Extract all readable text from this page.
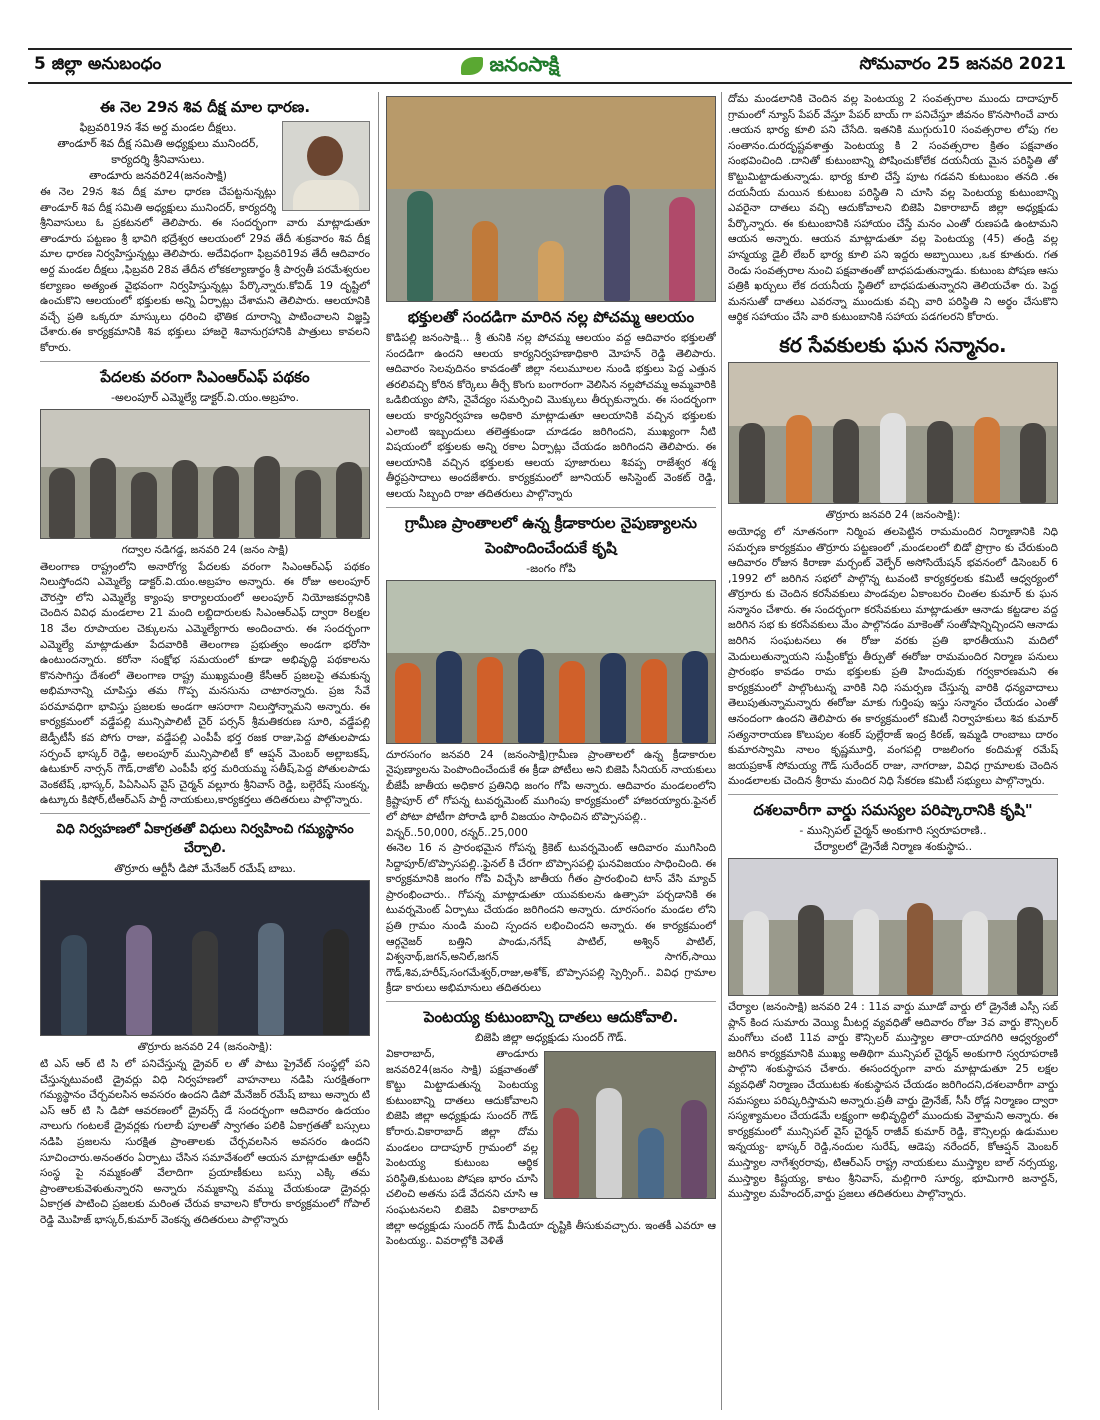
5 జిల్లా అనుబంధం	జనంసాక్షి	సోమవారం 25 జనవరి 2021
ఈ నెల 29న శివ దీక్ష మాల ధారణ.
ఫిబ్రవరి19న శేవ అర్ద మండల దీక్షలు.
తాండూర్ శివ దీక్ష సమితి అధ్యక్షులు మునిందర్,
కార్యదర్శి శ్రీనివాసులు.
తాండూరు జనవరి24(జనంసాక్షి)

ఈ నెల 29న శివ దీక్ష మాల ధారణ చేపట్టనున్నట్లు తాండూర్ శివ దీక్ష సమితి అధ్యక్షులు మునిందర్, కార్యదర్శి శ్రీనివాసులు ఓ ప్రకటనలో తెలిపారు. ఈ సందర్భంగా వారు మాట్లాడుతూ తాండూరు పట్టణం శ్రీ భావిగి భద్రేశ్వర ఆలయంలో 29వ తేదీ శుక్రవారం శివ దీక్ష మాల ధారణ నిర్వహిస్తున్నట్లు తెలిపారు. అదేవిధంగా ఫిబ్రవరి19వ తేదీ ఆదివారం అర్ద మండల దీక్షలు ,ఫిబ్రవరి 28వ తేదీన లోకకల్యాణార్థం శ్రీ పార్వతీ పరమేశ్వరుల కల్యాణం అత్యంత వైభవంగా నిర్వహిస్తున్నట్లు పేర్కొన్నారు.కోవిడ్ 19 దృష్టిలో ఉంచుకొని ఆలయంలో భక్తులకు అన్ని ఏర్పాట్లు చేశామని తెలిపారు. ఆలయానికి వచ్చే ప్రతి ఒక్కరూ మాస్కులు ధరించి భౌతిక దూరాన్ని పాటించాలని విజ్ఞప్తి చేశారు.ఈ కార్యక్రమానికి శివ భక్తులు హాజరై శివానుగ్రహానికి పాత్రులు కావలని కోరారు.

పేదలకు వరంగా సిఎంఆర్ఎఫ్ పథకం
-అలంపూర్ ఎమ్మెల్యే డాక్టర్.వి.యం.అబ్రహం.
గద్వాల నడిగడ్డ, జనవరి 24 (జనం సాక్షి)

తెలంగాణ రాష్ట్రంలోని అనారోగ్య పేదలకు వరంగా సిఎంఆర్ఎఫ్ పథకం నిలుస్తోందని ఎమ్మెల్యే డాక్టర్.వి.యం.అబ్రహం అన్నారు. ఈ రోజు అలంపూర్ చౌరస్తా లోని ఎమ్మెల్యే క్యాంపు కార్యాలయంలో అలంపూర్ నియోజకవర్గానికి చెందిన వివిధ మండలాల 21 మంది లబ్దిదారులకు సిఎంఆర్ఎఫ్ ద్వారా 8లక్షల 18 వేల రూపాయల చెక్కులను ఎమ్మెల్యేగారు అందించారు. ఈ సందర్భంగా ఎమ్మెల్యే మాట్లాడుతూ పేదవారికి తెలంగాణ ప్రభుత్వం అండగా భరోసా ఉంటుందన్నారు. కరోనా సంక్షోభ సమయంలో కూడా అభివృద్ధి పథకాలను కొనసాగిస్తు దేశంలో తెలంగాణ రాష్ట్ర ముఖ్యమంత్రి కేసీఆర్ ప్రజలపై తమకున్న అభిమానాన్ని చూపిస్తు తమ గొప్ప మనసును చాటారన్నారు. ప్రజ సేవే పరమావధిగా భావిస్తు ప్రజలకు అండగా ఆసరాగా నిలుస్తోన్నామని అన్నారు. ఈ కార్యక్రమంలో వడ్డేపల్లి మున్సిపాలిటీ చైర్ పర్సన్ శ్రీమతికరుణ సూరి, వడ్డేపల్లి జెడ్పీటీసీ కవ పోగు రాజు, వడ్డేపల్లి ఎంపీపీ భర్త రజక రాజు,పెద్ద పోతులపాడు సర్పంచ్ భాస్కర్ రెడ్డి, అలంపూర్ మున్సిపాలిటీ కో ఆప్షన్ మెంబర్ అల్లాబకష్, ఉటుకూర్ నార్సన్ గౌడ్,రాజోలి ఎంపీపీ భర్త మరియమ్మ సతీష్,పెద్ద పోతులపాడు వెంకటేష్ ,భాస్కర్, పిఏసిఎస్ వైస్ చైర్మన్ వల్లూరు శ్రీనివాస్ రెడ్డి, బల్గెరేష్ సుంకన్న, ఉట్కూరు కిషోర్,టీఆర్ఎస్ పార్టీ నాయకులు,కార్యకర్తలు తదితరులు పాల్గొన్నారు.

విధి నిర్వహణలో ఏకాగ్రతతో విధులు నిర్వహించి గమ్యస్థానం చేర్చాలి.
తొర్రూరు ఆర్టీసీ డిపో మేనేజర్ రమేష్ బాబు.
తొర్రూరు జనవరి 24 (జనంసాక్షి):

టి ఎస్ ఆర్ టి సి లో పనిచేస్తున్న డ్రైవర్ ల తో పాటు ప్రైవేట్ సంస్థల్లో పని చేస్తున్నటువంటి డ్రైవర్లు విధి నిర్వహణలో వాహనాలు నడిపి సురక్షితంగా గమ్యస్థానం చేర్చవలసిన అవసరం ఉందని డిపో మేనేజర్ రమేష్ బాబు అన్నారు టి ఎస్ ఆర్ టి సి డిపో ఆవరణంలో డ్రైవర్స్ డే సందర్భంగా ఆదివారం ఉదయం నాలుగు గంటలకే డ్రైవర్లకు గులాబీ పూలతో స్వాగతం పలికి ఏకాగ్రతతో బస్సులు నడిపి ప్రజలను సురక్షిత ప్రాంతాలకు చేర్చవలసిన అవసరం ఉందని సూచించారు.అనంతరం ఏర్పాటు చేసిన సమావేశంలో ఆయన మాట్లాడుతూ ఆర్టీసీ సంస్థ పై నమ్మకంతో వేలాదిగా ప్రయాణీకులు బస్సు ఎక్కి తమ ప్రాంతాలకువెళుతున్నారని అన్నారు నమ్మకాన్ని వమ్ము చేయకుండా డ్రైవర్లు ఏకాగ్రత పాటించి ప్రజలకు మరింత చేరువ కావాలని కోరారు కార్యక్రమంలో గోపాల్ రెడ్డి మొహిజ్ భాస్కర్,కుమార్ వెంకన్న తదితరులు పాల్గొన్నారు

భక్తులతో సందడిగా మారిన నల్ల పోచమ్మ ఆలయం

కొడిపల్లి జనంసాక్షి... శ్రీ తునికి నల్ల పోచమ్మ ఆలయం వద్ద ఆదివారం భక్తులతో సందడిగా ఉందని ఆలయ కార్యనిర్వహణాధికారి మోహన్ రెడ్డి తెలిపారు. ఆదివారం సెలవుదినం కావడంతో జిల్లా నలుమూలల నుండి భక్తులు పెద్ద ఎత్తున తరలివచ్చి కోరిన కోర్కెలు తీర్చే కొంగు బంగారంగా వెలిసిన నల్లపోచమ్మ అమ్మవారికి ఒడిబియ్యం పోసి, నైవేద్యం సమర్పించి మొక్కులు తీర్చుకున్నారు. ఈ సందర్భంగా ఆలయ కార్యనిర్వహణ అధికారి మాట్లాడుతూ ఆలయానికి వచ్చిన భక్తులకు ఎలాంటి ఇబ్బందులు తలెత్తకుండా చూడడం జరిగిందని, ముఖ్యంగా నీటి విషయంలో భక్తులకు అన్ని రకాల ఏర్పాట్లు చేయడం జరిగిందని తెలిపారు. ఈ ఆలయానికి వచ్చిన భక్తులకు ఆలయ పూజారులు శివప్ప రాజేశ్వర శర్మ తీర్థప్రసాదాలు అందజేశారు. కార్యక్రమంలో జూనియర్ అసిస్టెంట్ వెంకట్ రెడ్డి, ఆలయ సిబ్బంది రాజు తదితరులు పాల్గొన్నారు

గ్రామీణ ప్రాంతాలలో ఉన్న క్రీడాకారుల నైపుణ్యాలను
పెంపొందించేందుకే కృషి
-జంగం గోపి

దూరసంగం జనవరి 24 (జనంసాక్షి)గ్రామీణ ప్రాంతాలలో ఉన్న క్రీడాకారుల నైపుణ్యాలను పెంపొందించేందుకే ఈ క్రీడా పోటీలు అని బిజెపి సీనియర్ నాయకులు బీజేపీ జాతీయ అధికార ప్రతినిధి జంగం గోపి అన్నారు. ఆదివారం మండలంలోని క్రిష్టాపూర్ లో గోపన్న టువర్నమెంట్ ముగింపు కార్యక్రమంలో హాజరయ్యారు.ఫైనల్ లో పోటా పోటీగా పోరాడి భారీ విజయం సాధించిన బొప్పాసపల్లి..

విన్నర్..50,000, రన్నర్..25,000

ఈనెల 16 న ప్రారంభమైన గోపన్న క్రికెట్ టువర్నమెంట్ ఆదివారం ముగిసింది సిద్దాపూర్/బొప్పాసపల్లి..ఫైనల్ కి చేరగా బొప్పాసపల్లి ఘనవిజయం సాధించింది. ఈ కార్యక్రమానికి జంగం గోపి విచ్చేసి జాతీయ గీతం ప్రారంభించి టాస్ వేసి మ్యాచ్ ప్రారంభించారు.. గోపన్న మాట్లాడుతూ యువకులను ఉత్సాహ పర్చడానికి ఈ టువర్నమెంట్ ఏర్పాటు చేయడం జరిగిందని అన్నారు. దూరసంగం మండల లోని ప్రతి గ్రామం నుండి మంచి స్పందన లభించిందని అన్నారు. ఈ కార్యక్రమంలో ఆర్గనైజర్ బత్తిని పాండు,నగేష్ పాటిల్, అశ్విన్ పాటిల్, విశ్వనాథ్,జగన్,అనిల్,జగన్ సాగర్,సాయి గౌడ్,శివ,హరీష్,సంగమేశ్వర్,రాజు,అశోక్, బొప్పాసపల్లి స్పెర్సింగ్.. వివిధ గ్రామాల క్రీడా కారులు అభిమానులు తదితరులు

పెంటయ్య కుటుంబాన్ని దాతలు ఆదుకోవాలి.
బిజెపి జిల్లా అధ్యక్షుడు సుందర్ గౌడ్.

వికారాబాద్, తాండూరు జనవరి24(జనం సాక్షి) పక్షవాతంతో కొట్టు మిట్టాడుతున్న పెంటయ్య కుటుంబాన్ని దాతలు ఆదుకోవాలని బిజెపి జిల్లా అధ్యక్షుడు సుందర్ గౌడ్ కోరారు.వికారాబాద్ జిల్లా దోమ మండలం దాదాపూర్ గ్రామంలో వల్ల పెంటయ్య కుటుంబ ఆర్థిక పరిస్థితి,కుటుంబ పోషణ భారం చూసి చలించి అతను పడే వేదనని చూసి ఆ సంఘటనలని బిజెపి వికారాబాద్ జిల్లా అధ్యక్షుడు సుందర్ గౌడ్ మీడియా దృష్టికి తీసుకువచ్చారు. ఇంతకీ ఎవరూ ఆ పెంటయ్య.. వివరాల్లోకి వెళితే

దోమ మండలానికి చెందిన వల్ల పెంటయ్య 2 సంవత్సరాల ముందు దాదాపూర్ గ్రామంలో న్యూస్ పేపర్ వేస్తూ పేపర్ బాయ్ గా పనిచేస్తూ జీవనం కొనసాగించే వారు .ఆయన భార్య కూలి పని చేసేది. ఇతనికి ముగ్గురు10 సంవత్సరాల లోపు గల సంతానం.దురదృష్టవశాత్తు పెంటయ్య కి 2 సంవత్సరాల క్రితం పక్షవాతం సంభవించింది .దానితో కుటుంబాన్ని పోషించుకోలేక దయనీయ మైన పరిస్థితి తో కొట్టుమిట్టాడుతున్నాడు. భార్య కూలి చేస్తే పూట గడవని కుటుంబం తనది .ఈ దయనీయ మయిన కుటుంబ పరిస్థితి ని చూసి వల్ల పెంటయ్య కుటుంబాన్ని ఎవరైనా దాతలు వచ్చి ఆదుకోవాలని బిజెపి వికారాబాద్ జిల్లా అధ్యక్షుడు పేర్కొన్నారు. ఈ కుటుంబానికి సహాయం చేస్తే మనం ఎంతో రుణపడి ఉంటామని ఆయన అన్నారు. ఆయన మాట్లాడుతూ వల్ల పెంటయ్య (45) తండ్రి వల్ల హన్మయ్య డైలీ లేబర్ భార్య కూలి పని ఇద్దరు అబ్బాయిలు ,ఒక కూతురు. గత రెండు సంవత్సరాల నుంచి పక్షవాతంతో బాధపడుతున్నాడు. కుటుంబ పోషణ ఆసు పత్రికి ఖర్చులు లేక దయనీయ స్థితిలో బాధపడుతున్నారని తెలియచేశా రు. పెద్ద మనసుతో దాతలు ఎవరన్నా ముందుకు వచ్చి వారి పరిస్థితి ని అర్థం చేసుకొని ఆర్థిక సహాయం చేసి వారి కుటుంబానికి సహాయ పడగలరని కోరారు.

కర సేవకులకు ఘన సన్మానం.
తొర్రూరు జనవరి 24 (జనంసాక్షి):

అయోధ్య లో నూతనంగా నిర్మింప తలపెట్టిన రామమందిర నిర్మాణానికి నిధి సమర్పణ కార్యక్రమం తొర్రూరు పట్టణంలో ,మండలంలో బిడో ప్రొగ్రాం కు చేరుకుంది ఆదివారం రోజున కిరాణా మర్చంట్ వెల్ఫేర్ అసోసియేషన్ భవనంలో డిసెంబర్ 6 ,1992 లో జరిగిన సభలో పాల్గొన్న టువంటి కార్యకర్తలకు కమిటీ ఆధ్వర్యంలో తొర్రూరు కు చెందిన కరసేవకులు పాండవుల ఏకాంబరం చింతల కుమార్ కు ఘన సన్మానం చేశారు. ఈ సందర్భంగా కరసేవకులు మాట్లాడుతూ ఆనాడు కట్టడాల వద్ద జరిగిన సభ కు కరసేవకులు మేం పాల్గొనడం మాకెంతో సంతోషాన్నిచ్చిందని ఆనాడు జరిగిన సంఘటనలు ఈ రోజు వరకు ప్రతి భారతీయుని మదిలో మెదులుతున్నాయని సుప్రీంకోర్టు తీర్పుతో ఈరోజు రామమందిర నిర్మాణ పనులు ప్రారంభం కావడం రామ భక్తులకు ప్రతి హిందువుకు గర్వకారణమని ఈ కార్యక్రమంలో పాల్గొంటున్న వారికి నిధి సమర్పణ చేస్తున్న వారికి ధన్యవాదాలు తెలుపుతున్నామన్నారు ఈరోజు మాకు గుర్తింపు ఇస్తు సన్మానం చేయడం ఎంతో ఆనందంగా ఉందని తెలిపారు ఈ కార్యక్రమంలో కమిటీ నిర్వాహకులు శివ కుమార్ సత్యనారాయణ కొలుపుల శంకర్ పుల్లేరాజ్ ఇంద్ర కిరణ్, ఇమ్మడి రాంబాబు దారం కుమారస్వామి నాలం కృష్ణమూర్తి, వంగపల్లి రాజలింగం కందిమళ్ల రమేష్ జయప్రకాశ్ సోమయ్య గౌడ్ సురేందర్ రాజు, నాగరాజు, వివిధ గ్రామాలకు చెందిన మండలాలకు చెందిన శ్రీరామ మందిర నిధి సేకరణ కమిటీ సభ్యులు పాల్గొన్నారు.

దశలవారీగా వార్డు సమస్యల పరిష్కారానికి కృషి"
- మున్సిపల్ చైర్మన్ అంకుగారి స్వరూపరాణి..
చేర్యాలలో డ్రైనేజీ నిర్మాణ శంకుస్థాప..

చేర్యాల (జనంసాక్షి) జనవరి 24 : 11వ వార్డు మూడో వార్డు లో డ్రైనేజీ ఎస్సీ సబ్ ప్లాన్ కింద సుమారు వెయ్యి మీటర్ల వ్యవధితో ఆదివారం రోజు 3వ వార్డు కౌన్సిలర్ మంగోలు చంటి 11వ వార్డు కౌన్సిలర్ ముస్త్యాల తారా-యాదగిరి ఆధ్వర్యంలో జరిగిన కార్యక్రమానికి ముఖ్య అతిథిగా మున్సిపల్ చైర్మన్ అంకుగారి స్వరూపరాణి పాల్గొని శంకుస్థాపన చేశారు. ఈసందర్భంగా వారు మాట్లాడుతూ 25 లక్షల వ్యవధితో నిర్మాణం చేయుటకు శంకుస్థాపన చేయడం జరిగిందని,దశలవారీగా వార్డు సమస్యలు పరిష్కరిస్తామని అన్నారు.ప్రతీ వార్డు డ్రైనేజ్, సీసీ రోడ్ల నిర్మాణం ద్వారా సస్యశ్యామలం చేయడమే లక్ష్యంగా అభివృద్ధిలో ముందుకు వెళ్తామని అన్నారు. ఈ కార్యక్రమంలో మున్సిపల్ వైస్ చైర్మన్ రాజీవ్ కుమార్ రెడ్డి, కౌన్సిలర్లు ఉడుముల ఇన్నయ్య- భాస్కర్ రెడ్డి,నందుల సురేష్, ఆడెపు నరేందర్, కోఆప్షన్ మెంబర్ ముస్త్యాల నాగేశ్వరరావు, టిఆర్ఎస్ రాష్ట్ర నాయకులు ముస్త్యాల బాల్ నర్సయ్య, ముస్త్యాల కిష్టయ్య, కాటం శ్రీనివాస్, మల్లిగారి సూర్య, భూమిగారి జనార్దన్, ముస్త్యాల మహేందర్,వార్డు ప్రజలు తదితరులు పాల్గొన్నారు.
